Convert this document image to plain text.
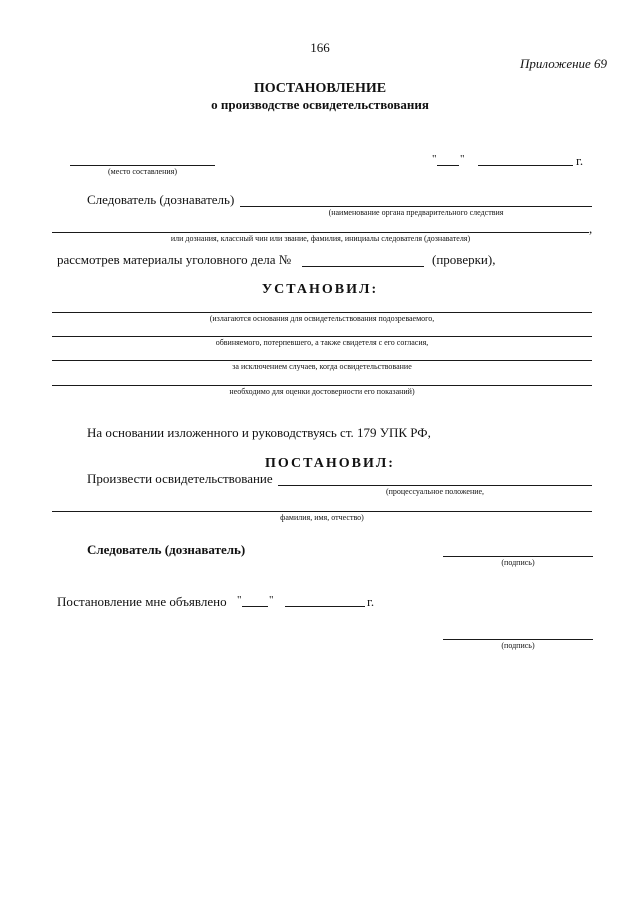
166
Приложение 69
ПОСТАНОВЛЕНИЕ
о производстве освидетельствования
(место составления)
" "	г.
Следователь (дознаватель)
(наименование органа предварительного следствия
,
или дознания, классный чин или звание, фамилия, инициалы следователя (дознавателя)
рассмотрев материалы уголовного дела №	(проверки),
УСТАНОВИЛ:
(излагаются основания для освидетельствования подозреваемого,
обвиняемого, потерпевшего, а также свидетеля с его согласия,
за исключением случаев, когда освидетельствование
необходимо для оценки достоверности его показаний)
На основании изложенного и руководствуясь ст. 179 УПК РФ,
ПОСТАНОВИЛ:
Произвести освидетельствование
(процессуальное положение,
фамилия, имя, отчество)
Следователь (дознаватель)
(подпись)
Постановление мне объявлено "	"	г.
(подпись)
